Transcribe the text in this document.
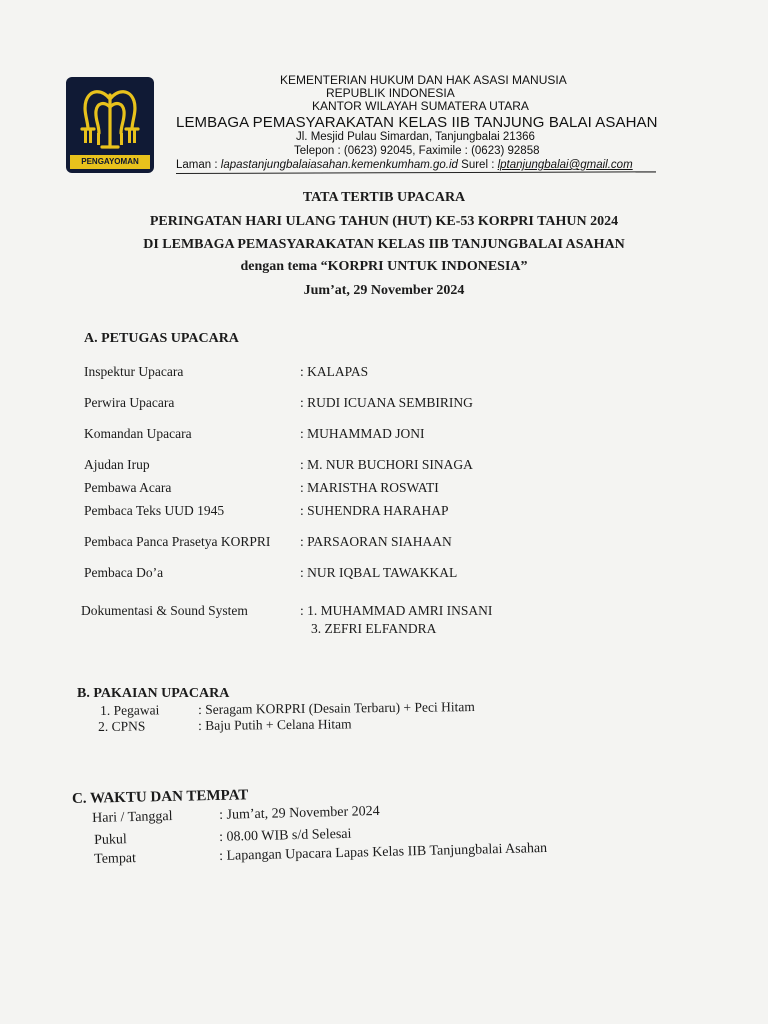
PENGAYOMAN
KEMENTERIAN HUKUM DAN HAK ASASI MANUSIA
REPUBLIK INDONESIA
KANTOR WILAYAH SUMATERA UTARA
LEMBAGA PEMASYARAKATAN KELAS IIB TANJUNG BALAI ASAHAN
Jl. Mesjid Pulau Simardan, Tanjungbalai 21366
Telepon : (0623) 92045, Faximile : (0623) 92858
Laman : lapastanjungbalaiasahan.kemenkumham.go.id Surel : lptanjungbalai@gmail.com
TATA TERTIB UPACARA
PERINGATAN HARI ULANG TAHUN (HUT) KE-53 KORPRI TAHUN 2024
DI LEMBAGA PEMASYARAKATAN KELAS IIB TANJUNGBALAI ASAHAN
dengan tema “KORPRI UNTUK INDONESIA”
Jum’at, 29 November 2024
A. PETUGAS UPACARA
Inspektur Upacara	: KALAPAS
Perwira Upacara	: RUDI ICUANA SEMBIRING
Komandan Upacara	: MUHAMMAD JONI
Ajudan Irup	: M. NUR BUCHORI SINAGA
Pembawa Acara	: MARISTHA ROSWATI
Pembaca Teks UUD 1945	: SUHENDRA HARAHAP
Pembaca Panca Prasetya KORPRI : PARSAORAN SIAHAAN
Pembaca Do’a	: NUR IQBAL TAWAKKAL
Dokumentasi & Sound System	: 1. MUHAMMAD AMRI INSANI
3. ZEFRI ELFANDRA
B. PAKAIAN UPACARA
1. Pegawai	: Seragam KORPRI (Desain Terbaru) + Peci Hitam
2. CPNS	: Baju Putih + Celana Hitam
C. WAKTU DAN TEMPAT
Hari / Tanggal	: Jum’at, 29 November 2024
Pukul	: 08.00 WIB s/d Selesai
Tempat	: Lapangan Upacara Lapas Kelas IIB Tanjungbalai Asahan
